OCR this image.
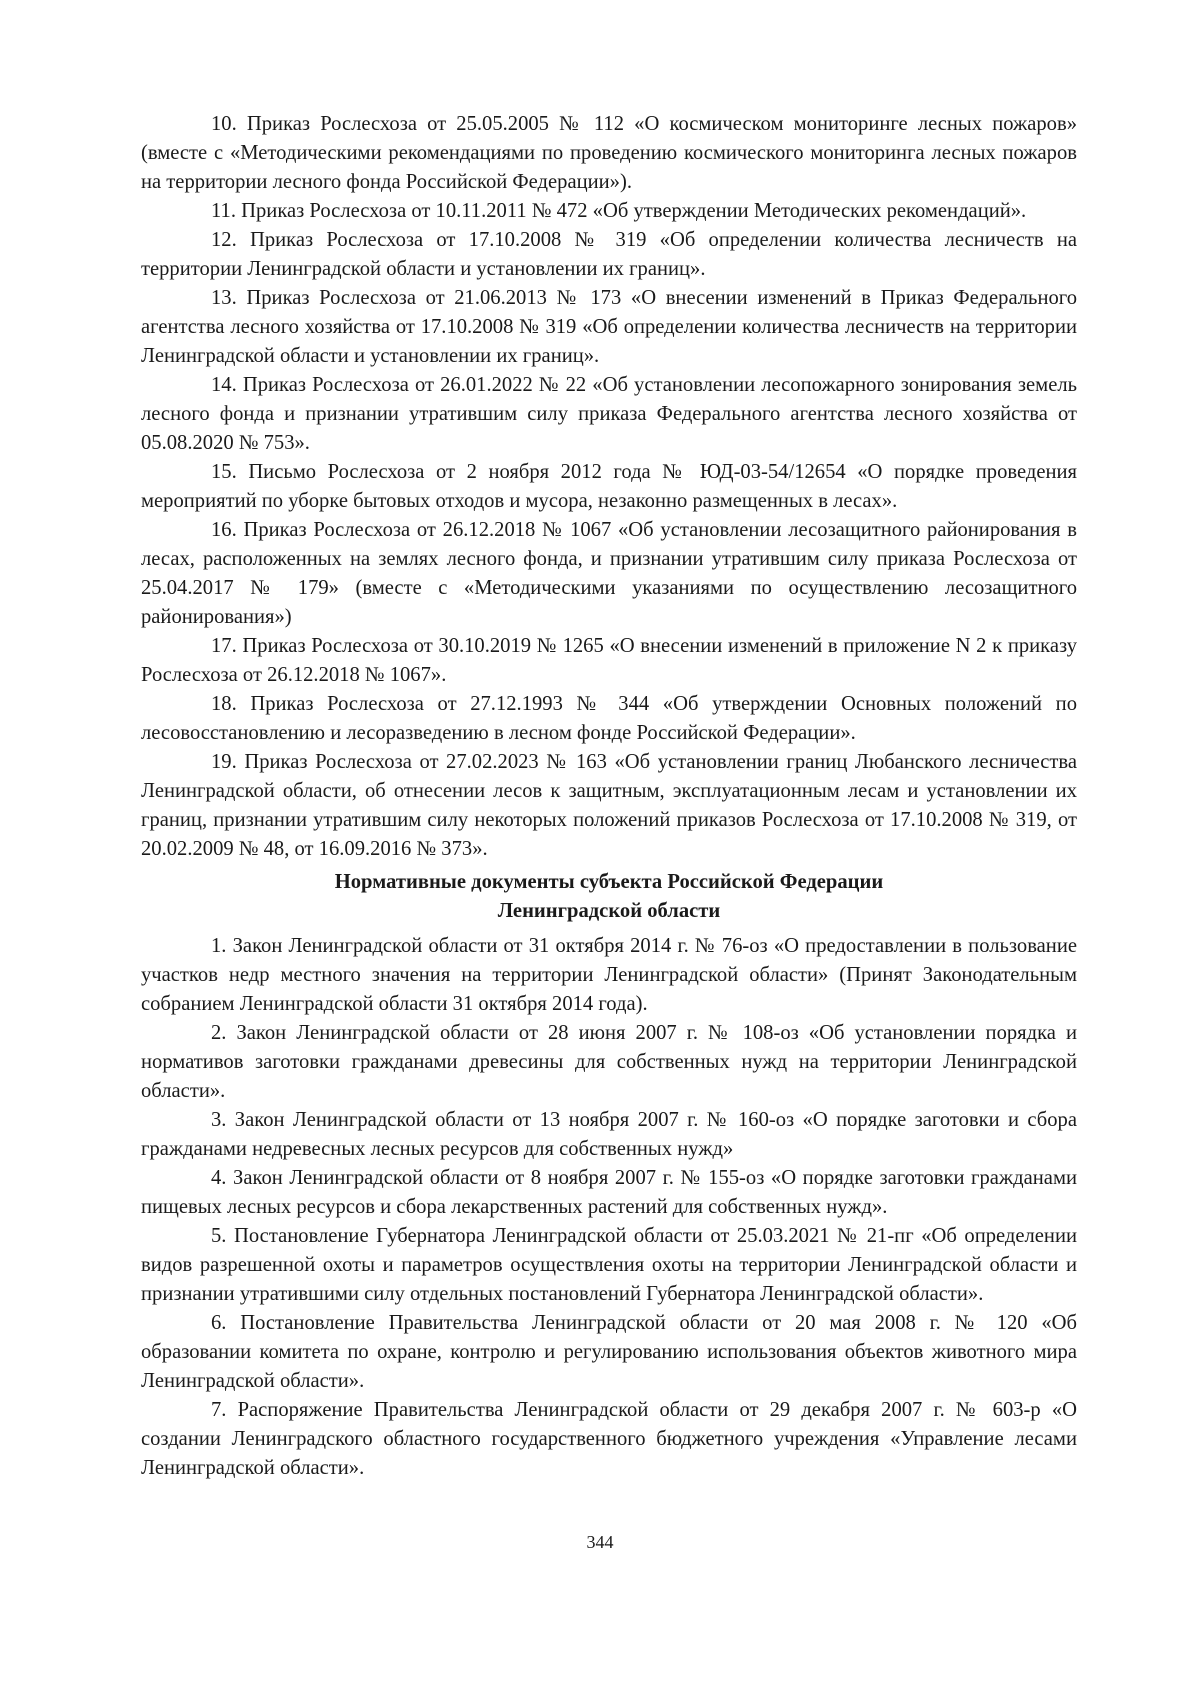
10. Приказ Рослесхоза от 25.05.2005 № 112 «О космическом мониторинге лесных пожаров» (вместе с «Методическими рекомендациями по проведению космического мониторинга лесных пожаров на территории лесного фонда Российской Федерации»).

11. Приказ Рослесхоза от 10.11.2011 № 472 «Об утверждении Методических рекомендаций».

12. Приказ Рослесхоза от 17.10.2008 № 319 «Об определении количества лесничеств на территории Ленинградской области и установлении их границ».

13. Приказ Рослесхоза от 21.06.2013 № 173 «О внесении изменений в Приказ Федерального агентства лесного хозяйства от 17.10.2008 № 319 «Об определении количества лесничеств на территории Ленинградской области и установлении их границ».

14. Приказ Рослесхоза от 26.01.2022 № 22 «Об установлении лесопожарного зонирования земель лесного фонда и признании утратившим силу приказа Федерального агентства лесного хозяйства от 05.08.2020 № 753».

15. Письмо Рослесхоза от 2 ноября 2012 года № ЮД-03-54/12654 «О порядке проведения мероприятий по уборке бытовых отходов и мусора, незаконно размещенных в лесах».

16. Приказ Рослесхоза от 26.12.2018 № 1067 «Об установлении лесозащитного районирования в лесах, расположенных на землях лесного фонда, и признании утратившим силу приказа Рослесхоза от 25.04.2017 № 179» (вместе с «Методическими указаниями по осуществлению лесозащитного районирования»)

17. Приказ Рослесхоза от 30.10.2019 № 1265 «О внесении изменений в приложение N 2 к приказу Рослесхоза от 26.12.2018 № 1067».

18. Приказ Рослесхоза от 27.12.1993 № 344 «Об утверждении Основных положений по лесовосстановлению и лесоразведению в лесном фонде Российской Федерации».

19. Приказ Рослесхоза от 27.02.2023 № 163 «Об установлении границ Любанского лесничества Ленинградской области, об отнесении лесов к защитным, эксплуатационным лесам и установлении их границ, признании утратившим силу некоторых положений приказов Рослесхоза от 17.10.2008 № 319, от 20.02.2009 № 48, от 16.09.2016 № 373».

Нормативные документы субъекта Российской Федерации
Ленинградской области

1. Закон Ленинградской области от 31 октября 2014 г. № 76-оз «О предоставлении в пользование участков недр местного значения на территории Ленинградской области» (Принят Законодательным собранием Ленинградской области 31 октября 2014 года).

2. Закон Ленинградской области от 28 июня 2007 г. № 108-оз «Об установлении порядка и нормативов заготовки гражданами древесины для собственных нужд на территории Ленинградской области».

3. Закон Ленинградской области от 13 ноября 2007 г. № 160-оз «О порядке заготовки и сбора гражданами недревесных лесных ресурсов для собственных нужд»

4. Закон Ленинградской области от 8 ноября 2007 г. № 155-оз «О порядке заготовки гражданами пищевых лесных ресурсов и сбора лекарственных растений для собственных нужд».

5. Постановление Губернатора Ленинградской области от 25.03.2021 № 21-пг «Об определении видов разрешенной охоты и параметров осуществления охоты на территории Ленинградской области и признании утратившими силу отдельных постановлений Губернатора Ленинградской области».

6. Постановление Правительства Ленинградской области от 20 мая 2008 г. № 120 «Об образовании комитета по охране, контролю и регулированию использования объектов животного мира Ленинградской области».

7. Распоряжение Правительства Ленинградской области от 29 декабря 2007 г. № 603-р «О создании Ленинградского областного государственного бюджетного учреждения «Управление лесами Ленинградской области».

344
